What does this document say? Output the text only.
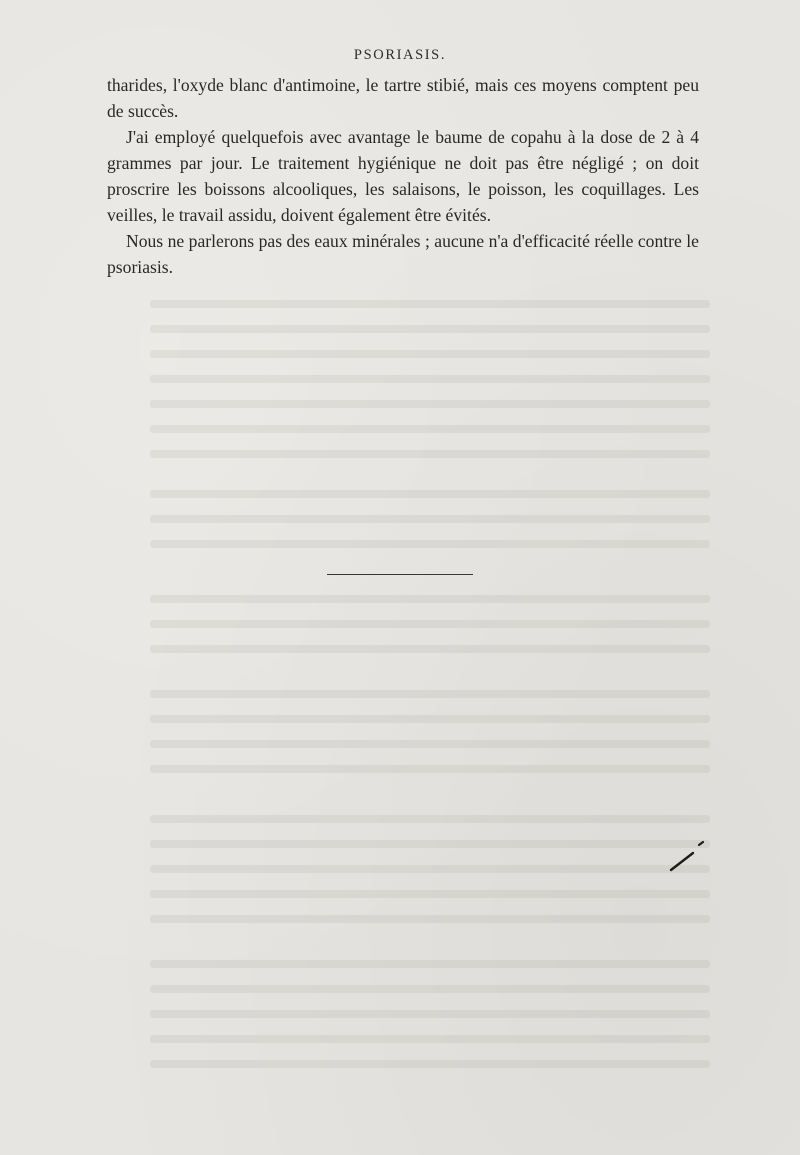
PSORIASIS.

tharides, l'oxyde blanc d'antimoine, le tartre stibié, mais ces moyens comptent peu de succès.

J'ai employé quelquefois avec avantage le baume de copahu à la dose de 2 à 4 grammes par jour. Le traitement hygiénique ne doit pas être négligé ; on doit proscrire les boissons alcooliques, les salaisons, le poisson, les coquillages. Les veilles, le travail assidu, doivent également être évités.

Nous ne parlerons pas des eaux minérales ; aucune n'a d'efficacité réelle contre le psoriasis.
